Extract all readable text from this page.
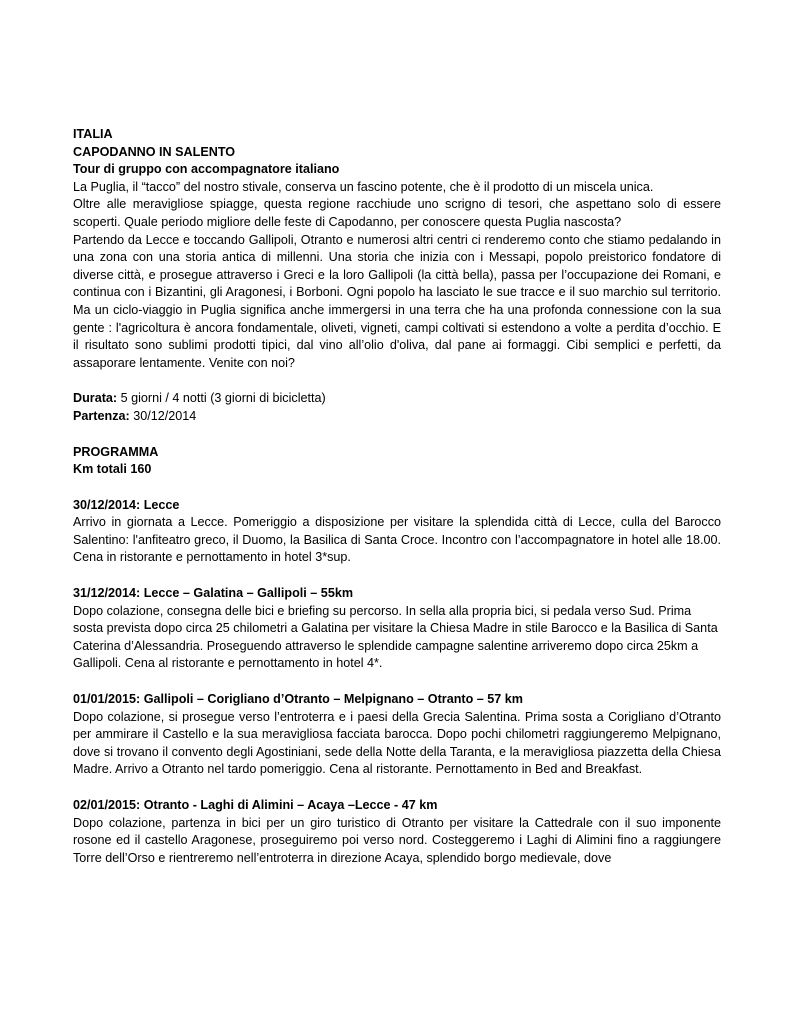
ITALIA

CAPODANNO IN SALENTO

Tour di gruppo con accompagnatore italiano

La Puglia, il “tacco” del nostro stivale, conserva un fascino potente, che è il prodotto di un miscela unica.

Oltre alle meravigliose spiagge, questa regione racchiude uno scrigno di tesori, che aspettano solo di essere scoperti. Quale periodo migliore delle feste di Capodanno, per conoscere questa Puglia nascosta?

Partendo da Lecce e toccando Gallipoli, Otranto e numerosi altri centri ci renderemo conto che stiamo pedalando in una zona con una storia antica di millenni. Una storia che inizia con i Messapi, popolo preistorico fondatore di diverse città, e prosegue attraverso i Greci e la loro Gallipoli (la città bella), passa per l’occupazione dei Romani, e continua con i Bizantini, gli Aragonesi, i Borboni. Ogni popolo ha lasciato le sue tracce e il suo marchio sul territorio. Ma un ciclo-viaggio in Puglia significa anche immergersi in una terra che ha una profonda connessione con la sua gente : l'agricoltura è ancora fondamentale, oliveti, vigneti, campi coltivati si estendono a volte a perdita d’occhio. E il risultato sono sublimi prodotti tipici, dal vino all’olio d'oliva, dal pane ai formaggi. Cibi semplici e perfetti, da assaporare lentamente. Venite con noi?

Durata: 5 giorni / 4 notti (3 giorni di bicicletta)

Partenza: 30/12/2014

PROGRAMMA

Km totali 160

30/12/2014: Lecce

Arrivo in giornata a Lecce. Pomeriggio a disposizione per visitare la splendida città di Lecce, culla del Barocco Salentino: l'anfiteatro greco, il Duomo, la Basilica di Santa Croce. Incontro con l’accompagnatore in hotel alle 18.00. Cena in ristorante e pernottamento in hotel 3*sup.

31/12/2014: Lecce – Galatina – Gallipoli – 55km

Dopo colazione, consegna delle bici e briefing su percorso. In sella alla propria bici, si pedala verso Sud. Prima sosta prevista dopo circa 25 chilometri a Galatina per visitare la Chiesa Madre in stile Barocco e la Basilica di Santa Caterina d’Alessandria. Proseguendo attraverso le splendide campagne salentine arriveremo dopo circa 25km a Gallipoli. Cena al ristorante e pernottamento in hotel 4*.

01/01/2015: Gallipoli – Corigliano d’Otranto – Melpignano – Otranto – 57 km

Dopo colazione, si prosegue verso l’entroterra e i paesi della Grecia Salentina. Prima sosta a Corigliano d’Otranto per ammirare il Castello e la sua meravigliosa facciata barocca. Dopo pochi chilometri raggiungeremo Melpignano, dove si trovano il convento degli Agostiniani, sede della Notte della Taranta, e la meravigliosa piazzetta della Chiesa Madre. Arrivo a Otranto nel tardo pomeriggio. Cena al ristorante. Pernottamento in Bed and Breakfast.

02/01/2015: Otranto - Laghi di Alimini – Acaya –Lecce - 47 km

Dopo colazione, partenza in bici per un giro turistico di Otranto per visitare la Cattedrale con il suo imponente rosone ed il castello Aragonese, proseguiremo poi verso nord. Costeggeremo i Laghi di Alimini fino a raggiungere Torre dell’Orso e rientreremo nell’entroterra in direzione Acaya, splendido borgo medievale, dove
